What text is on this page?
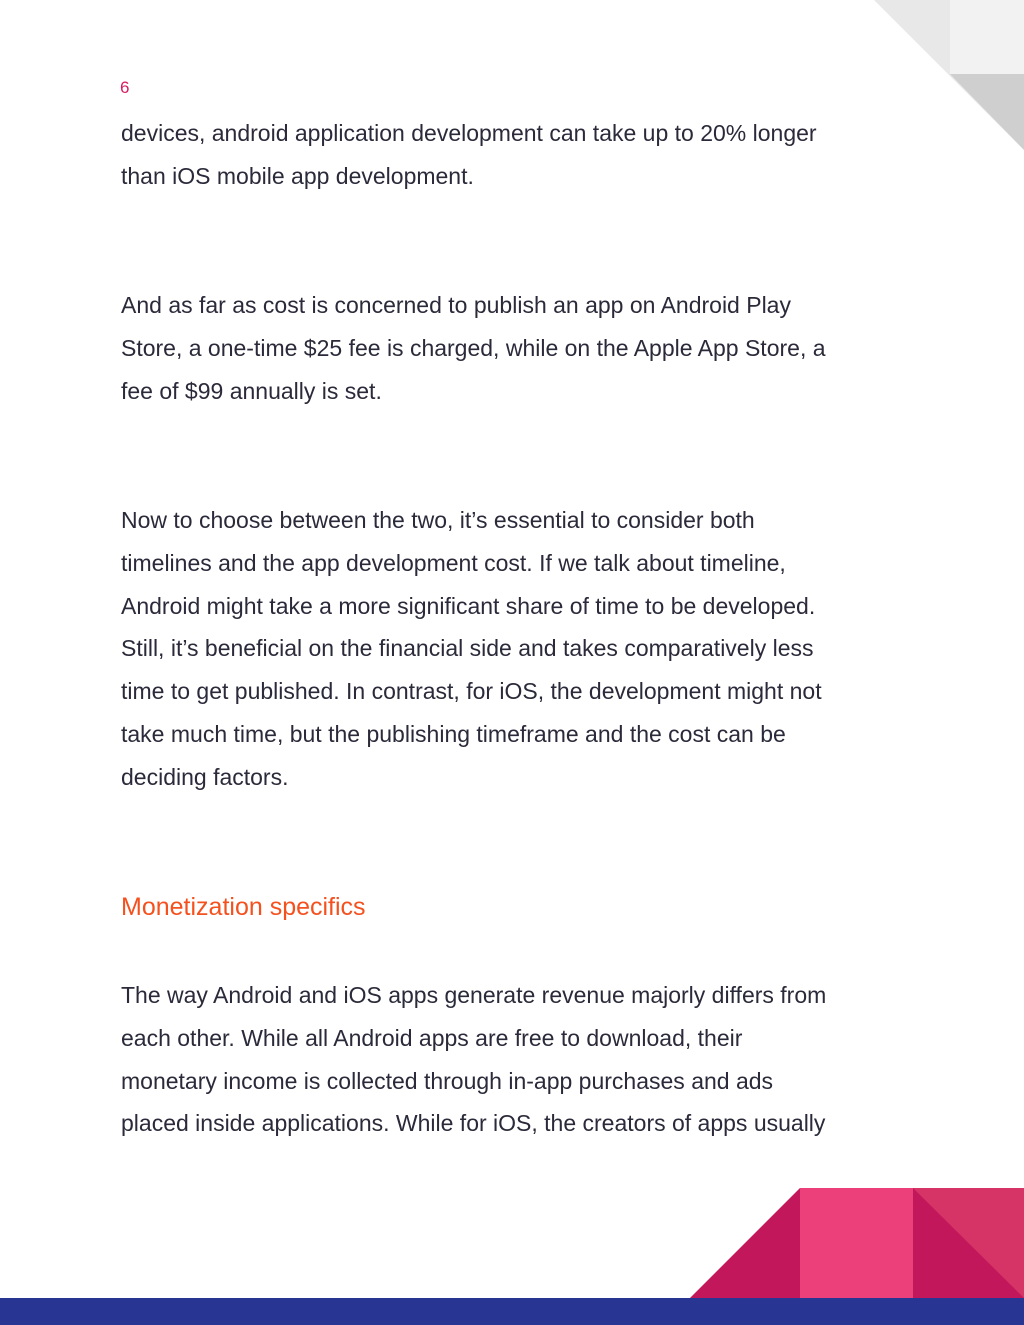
6

devices, android application development can take up to 20% longer
than iOS mobile app development.

And as far as cost is concerned to publish an app on Android Play
Store, a one-time $25 fee is charged, while on the Apple App Store, a
fee of $99 annually is set.

Now to choose between the two, it’s essential to consider both
timelines and the app development cost. If we talk about timeline,
Android might take a more significant share of time to be developed.
Still, it’s beneficial on the financial side and takes comparatively less
time to get published. In contrast, for iOS, the development might not
take much time, but the publishing timeframe and the cost can be
deciding factors.

Monetization specifics

The way Android and iOS apps generate revenue majorly differs from
each other. While all Android apps are free to download, their
monetary income is collected through in-app purchases and ads
placed inside applications. While for iOS, the creators of apps usually
